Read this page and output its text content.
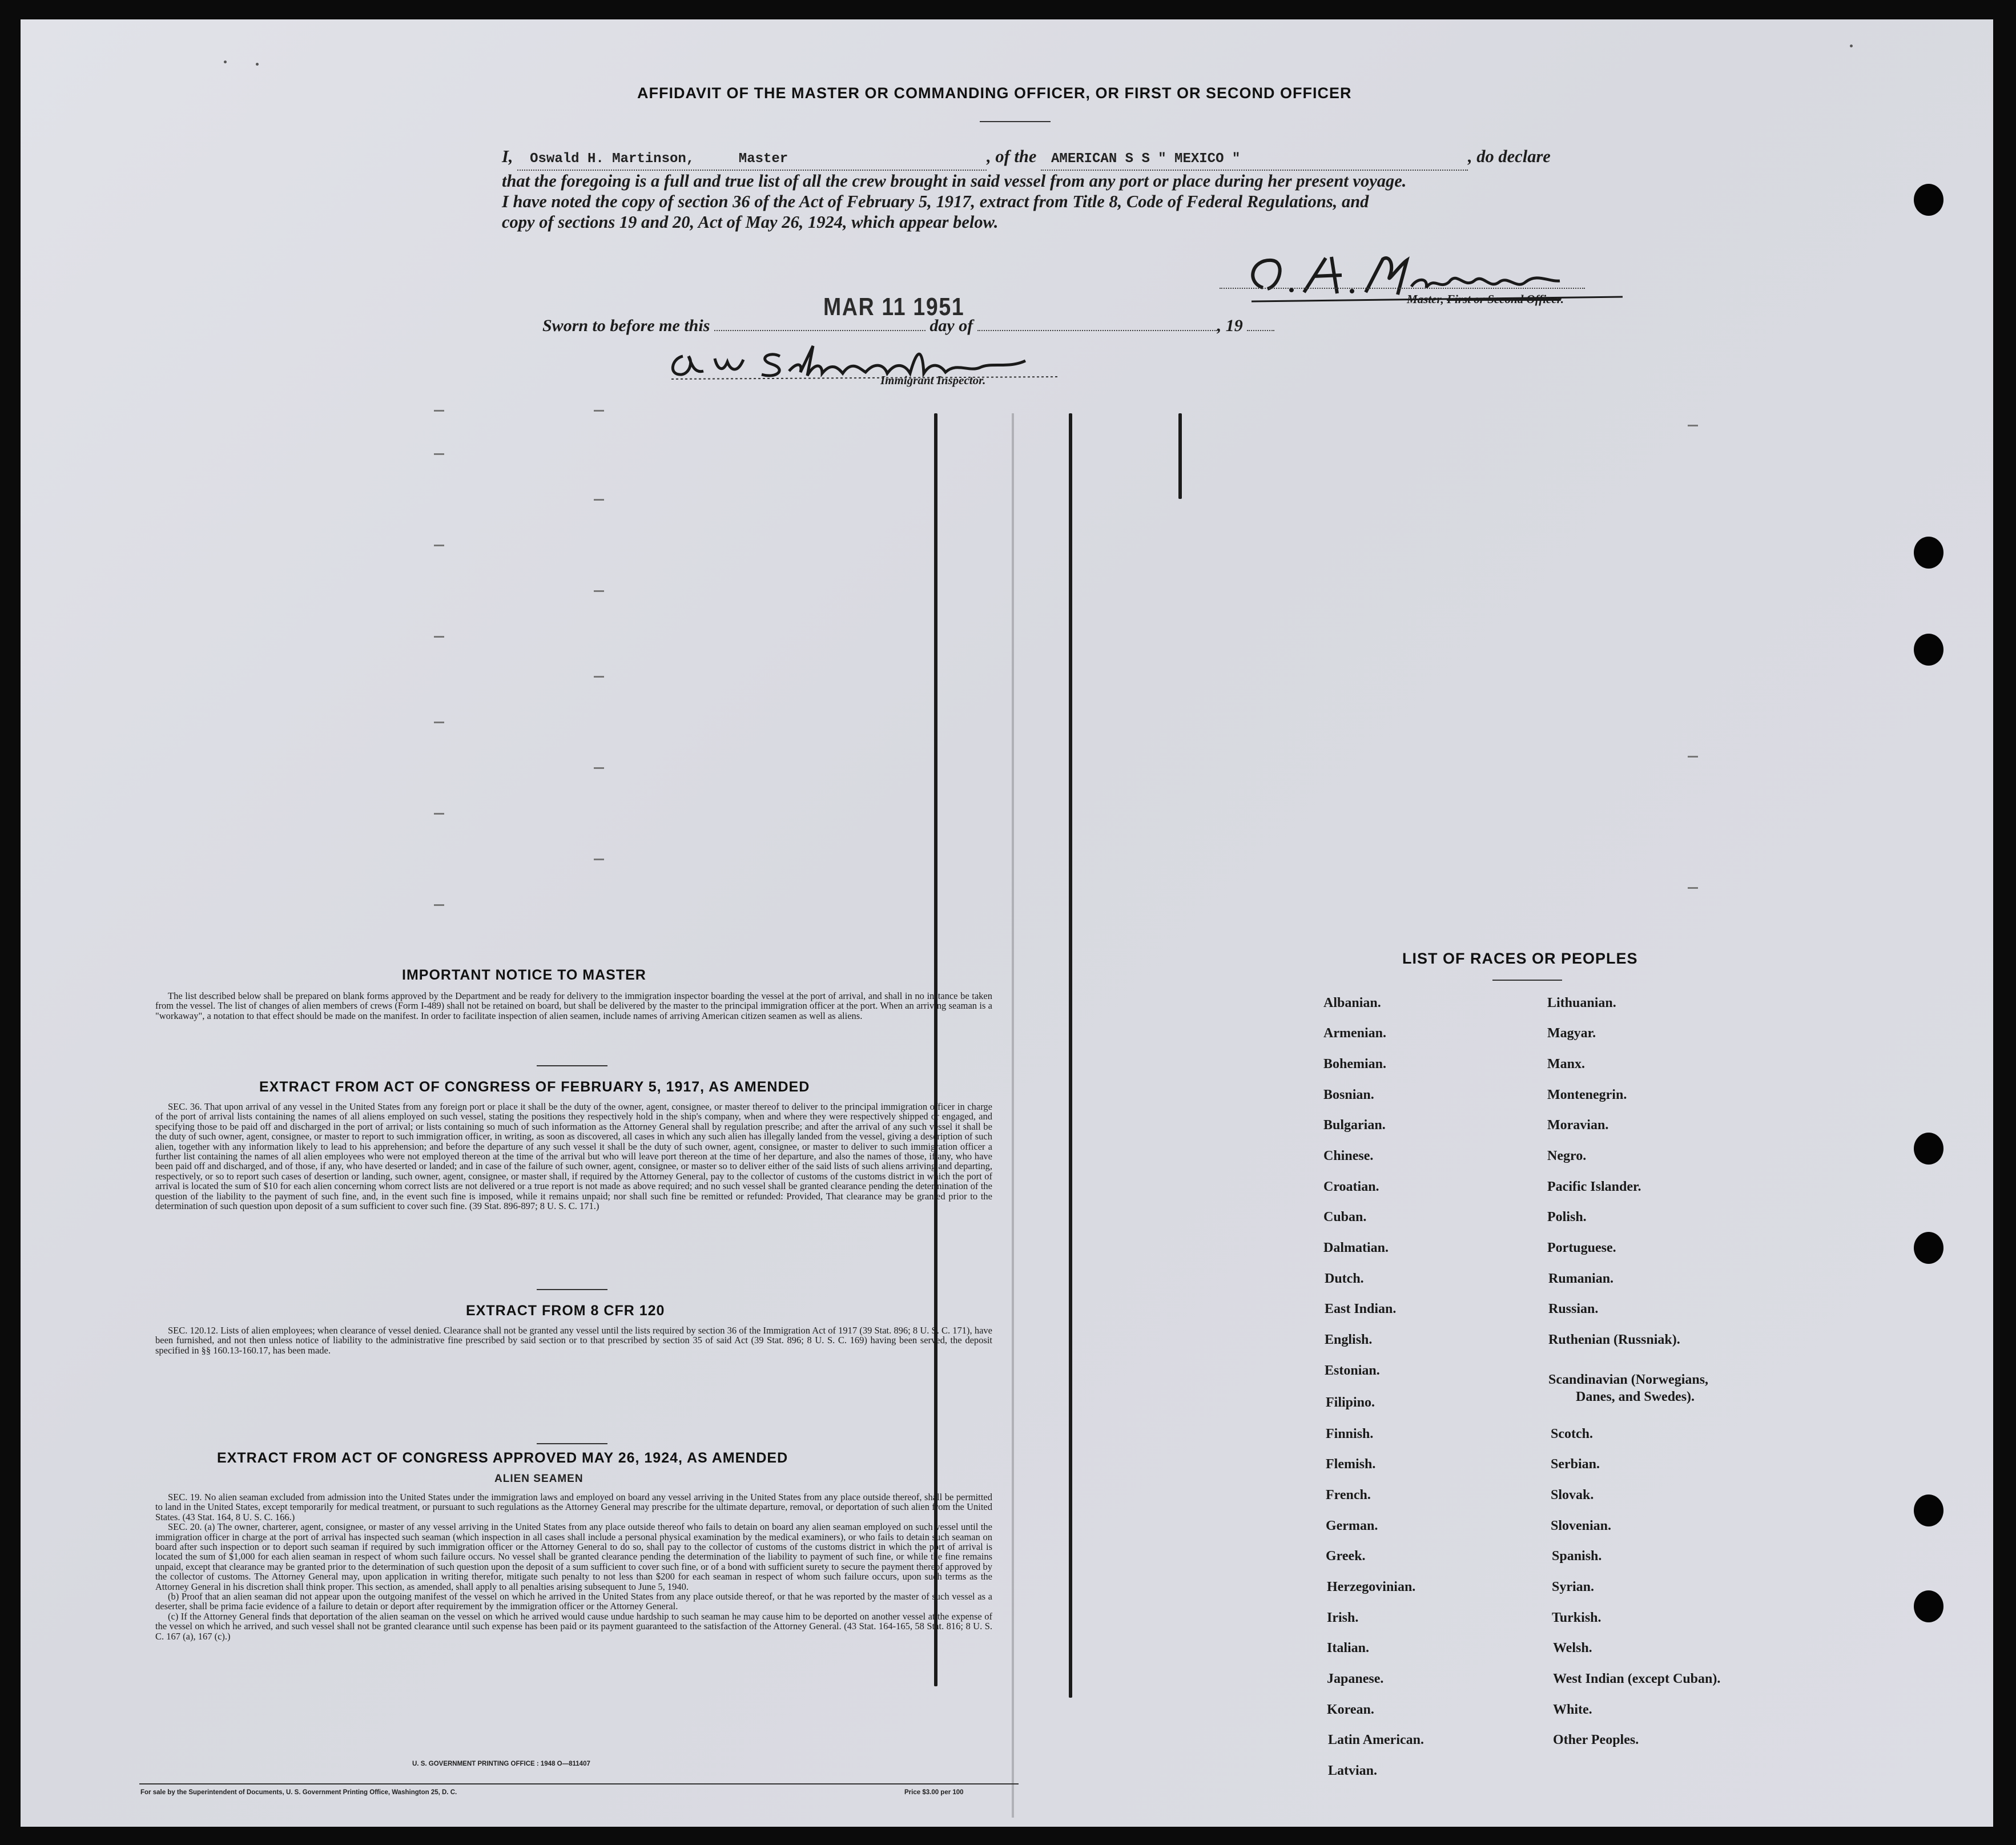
AFFIDAVIT OF THE MASTER OR COMMANDING OFFICER, OR FIRST OR SECOND OFFICER
I, Oswald H. Martinson,	Master	, of the AMERICAN S S " MEXICO "	, do declare
that the foregoing is a full and true list of all the crew brought in said vessel from any port or place during her present voyage.
I have noted the copy of section 36 of the Act of February 5, 1917, extract from Title 8, Code of Federal Regulations, and
copy of sections 19 and 20, Act of May 26, 1924, which appear below.
Master, First or Second Officer.
Sworn to before me this	day of	, 19
MAR 11 1951
Immigrant Inspector.
IMPORTANT NOTICE TO MASTER

The list described below shall be prepared on blank forms approved by the Department and be ready for delivery to the immigration inspector boarding the vessel at the port of arrival, and shall in no instance be taken from the vessel. The list of changes of alien members of crews (Form I-489) shall not be retained on board, but shall be delivered by the master to the principal immigration officer at the port. When an arriving seaman is a "workaway", a notation to that effect should be made on the manifest. In order to facilitate inspection of alien seamen, include names of arriving American citizen seamen as well as aliens.

EXTRACT FROM ACT OF CONGRESS OF FEBRUARY 5, 1917, AS AMENDED

SEC. 36. That upon arrival of any vessel in the United States from any foreign port or place it shall be the duty of the owner, agent, consignee, or master thereof to deliver to the principal immigration officer in charge of the port of arrival lists containing the names of all aliens employed on such vessel, stating the positions they respectively hold in the ship's company, when and where they were respectively shipped or engaged, and specifying those to be paid off and discharged in the port of arrival; or lists containing so much of such information as the Attorney General shall by regulation prescribe; and after the arrival of any such vessel it shall be the duty of such owner, agent, consignee, or master to report to such immigration officer, in writing, as soon as discovered, all cases in which any such alien has illegally landed from the vessel, giving a description of such alien, together with any information likely to lead to his apprehension; and before the departure of any such vessel it shall be the duty of such owner, agent, consignee, or master to deliver to such immigration officer a further list containing the names of all alien employees who were not employed thereon at the time of the arrival but who will leave port thereon at the time of her departure, and also the names of those, if any, who have been paid off and discharged, and of those, if any, who have deserted or landed; and in case of the failure of such owner, agent, consignee, or master so to deliver either of the said lists of such aliens arriving and departing, respectively, or so to report such cases of desertion or landing, such owner, agent, consignee, or master shall, if required by the Attorney General, pay to the collector of customs of the customs district in which the port of arrival is located the sum of $10 for each alien concerning whom correct lists are not delivered or a true report is not made as above required; and no such vessel shall be granted clearance pending the determination of the question of the liability to the payment of such fine, and, in the event such fine is imposed, while it remains unpaid; nor shall such fine be remitted or refunded: Provided, That clearance may be granted prior to the determination of such question upon deposit of a sum sufficient to cover such fine. (39 Stat. 896-897; 8 U. S. C. 171.)

EXTRACT FROM 8 CFR 120

SEC. 120.12. Lists of alien employees; when clearance of vessel denied. Clearance shall not be granted any vessel until the lists required by section 36 of the Immigration Act of 1917 (39 Stat. 896; 8 U. S. C. 171), have been furnished, and not then unless notice of liability to the administrative fine prescribed by said section or to that prescribed by section 35 of said Act (39 Stat. 896; 8 U. S. C. 169) having been served, the deposit specified in §§ 160.13-160.17, has been made.

EXTRACT FROM ACT OF CONGRESS APPROVED MAY 26, 1924, AS AMENDED
ALIEN SEAMEN

SEC. 19. No alien seaman excluded from admission into the United States under the immigration laws and employed on board any vessel arriving in the United States from any place outside thereof, shall be permitted to land in the United States, except temporarily for medical treatment, or pursuant to such regulations as the Attorney General may prescribe for the ultimate departure, removal, or deportation of such alien from the United States. (43 Stat. 164, 8 U. S. C. 166.)

SEC. 20. (a) The owner, charterer, agent, consignee, or master of any vessel arriving in the United States from any place outside thereof who fails to detain on board any alien seaman employed on such vessel until the immigration officer in charge at the port of arrival has inspected such seaman (which inspection in all cases shall include a personal physical examination by the medical examiners), or who fails to detain such seaman on board after such inspection or to deport such seaman if required by such immigration officer or the Attorney General to do so, shall pay to the collector of customs of the customs district in which the port of arrival is located the sum of $1,000 for each alien seaman in respect of whom such failure occurs. No vessel shall be granted clearance pending the determination of the liability to payment of such fine, or while the fine remains unpaid, except that clearance may be granted prior to the determination of such question upon the deposit of a sum sufficient to cover such fine, or of a bond with sufficient surety to secure the payment thereof approved by the collector of customs. The Attorney General may, upon application in writing therefor, mitigate such penalty to not less than $200 for each seaman in respect of whom such failure occurs, upon such terms as the Attorney General in his discretion shall think proper. This section, as amended, shall apply to all penalties arising subsequent to June 5, 1940.

(b) Proof that an alien seaman did not appear upon the outgoing manifest of the vessel on which he arrived in the United States from any place outside thereof, or that he was reported by the master of such vessel as a deserter, shall be prima facie evidence of a failure to detain or deport after requirement by the immigration officer or the Attorney General.

(c) If the Attorney General finds that deportation of the alien seaman on the vessel on which he arrived would cause undue hardship to such seaman he may cause him to be deported on another vessel at the expense of the vessel on which he arrived, and such vessel shall not be granted clearance until such expense has been paid or its payment guaranteed to the satisfaction of the Attorney General. (43 Stat. 164-165, 58 Stat. 816; 8 U. S. C. 167 (a), 167 (c).)

U. S. GOVERNMENT PRINTING OFFICE : 1948 O—811407
For sale by the Superintendent of Documents, U. S. Government Printing Office, Washington 25, D. C.	Price $3.00 per 100
LIST OF RACES OR PEOPLES
Albanian.
Armenian.
Bohemian.
Bosnian.
Bulgarian.
Chinese.
Croatian.
Cuban.
Dalmatian.
Dutch.
East Indian.
English.
Estonian.
Filipino.
Finnish.
Flemish.
French.
German.
Greek.
Herzegovinian.
Irish.
Italian.
Japanese.
Korean.
Latin American.
Latvian.
Lithuanian.
Magyar.
Manx.
Montenegrin.
Moravian.
Negro.
Pacific Islander.
Polish.
Portuguese.
Rumanian.
Russian.
Ruthenian (Russniak).
Scandinavian (Norwegians,
Danes, and Swedes).
Scotch.
Serbian.
Slovak.
Slovenian.
Spanish.
Syrian.
Turkish.
Welsh.
West Indian (except Cuban).
White.
Other Peoples.
